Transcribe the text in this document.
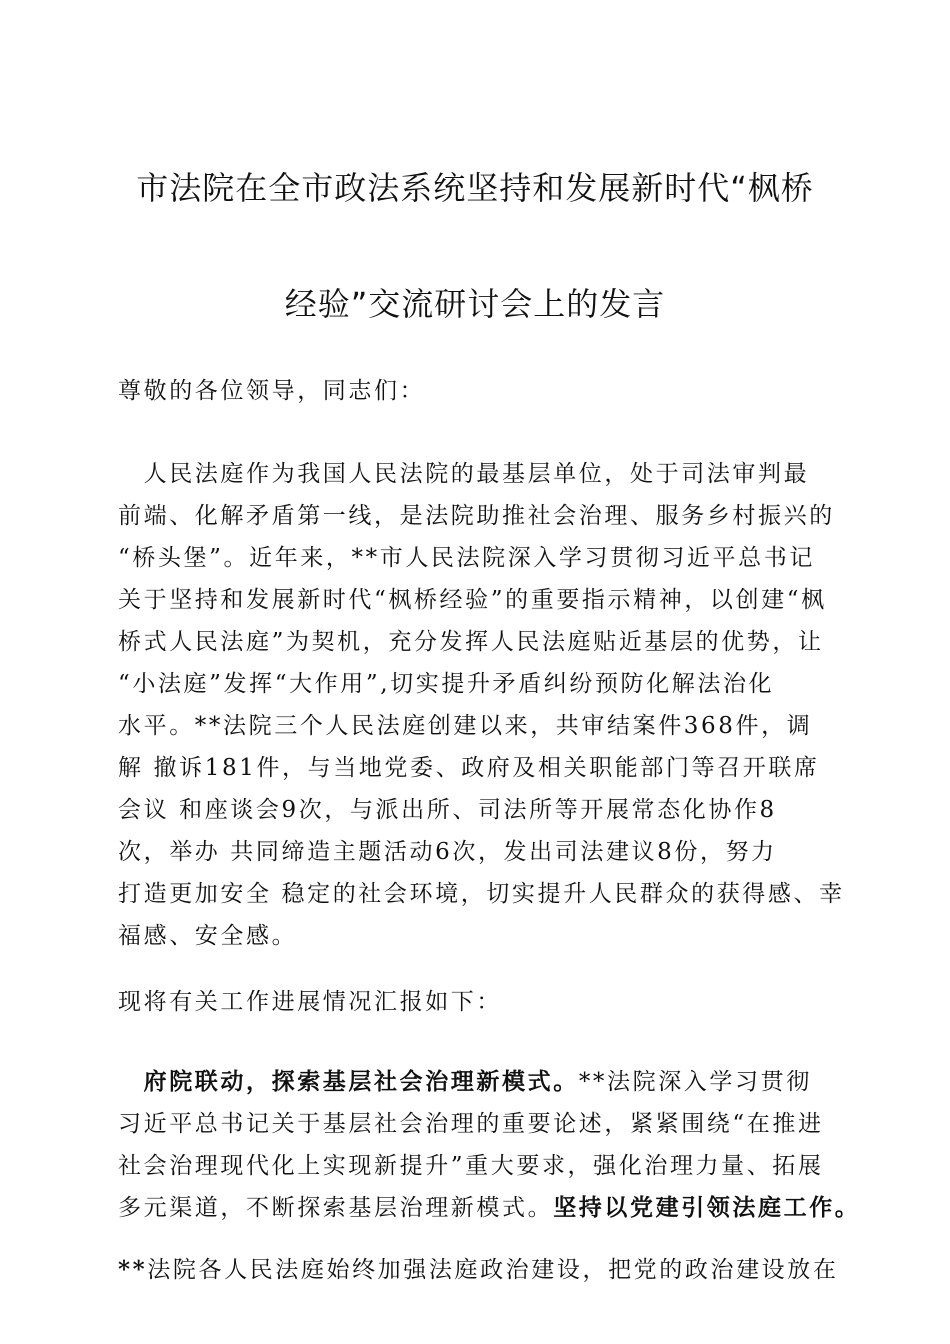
市法院在全市政法系统坚持和发展新时代“枫桥
经验”交流研讨会上的发言
尊敬的各位领导，同志们：
　人民法庭作为我国人民法院的最基层单位，处于司法审判最
前端、化解矛盾第一线，是法院助推社会治理、服务乡村振兴的
“桥头堡”。近年来，**市人民法院深入学习贯彻习近平总书记
关于坚持和发展新时代“枫桥经验”的重要指示精神，以创建“枫
桥式人民法庭”为契机，充分发挥人民法庭贴近基层的优势，让
“小法庭”发挥“大作用”,切实提升矛盾纠纷预防化解法治化
水平。**法院三个人民法庭创建以来，共审结案件368件，调
解 撤诉181件，与当地党委、政府及相关职能部门等召开联席
会议 和座谈会9次，与派出所、司法所等开展常态化协作8
次，举办 共同缔造主题活动6次，发出司法建议8份，努力
打造更加安全 稳定的社会环境，切实提升人民群众的获得感、幸
福感、安全感。
现将有关工作进展情况汇报如下：
　府院联动，探索基层社会治理新模式。**法院深入学习贯彻
习近平总书记关于基层社会治理的重要论述，紧紧围绕“在推进
社会治理现代化上实现新提升”重大要求，强化治理力量、拓展
多元渠道，不断探索基层治理新模式。坚持以党建引领法庭工作。
**法院各人民法庭始终加强法庭政治建设，把党的政治建设放在
